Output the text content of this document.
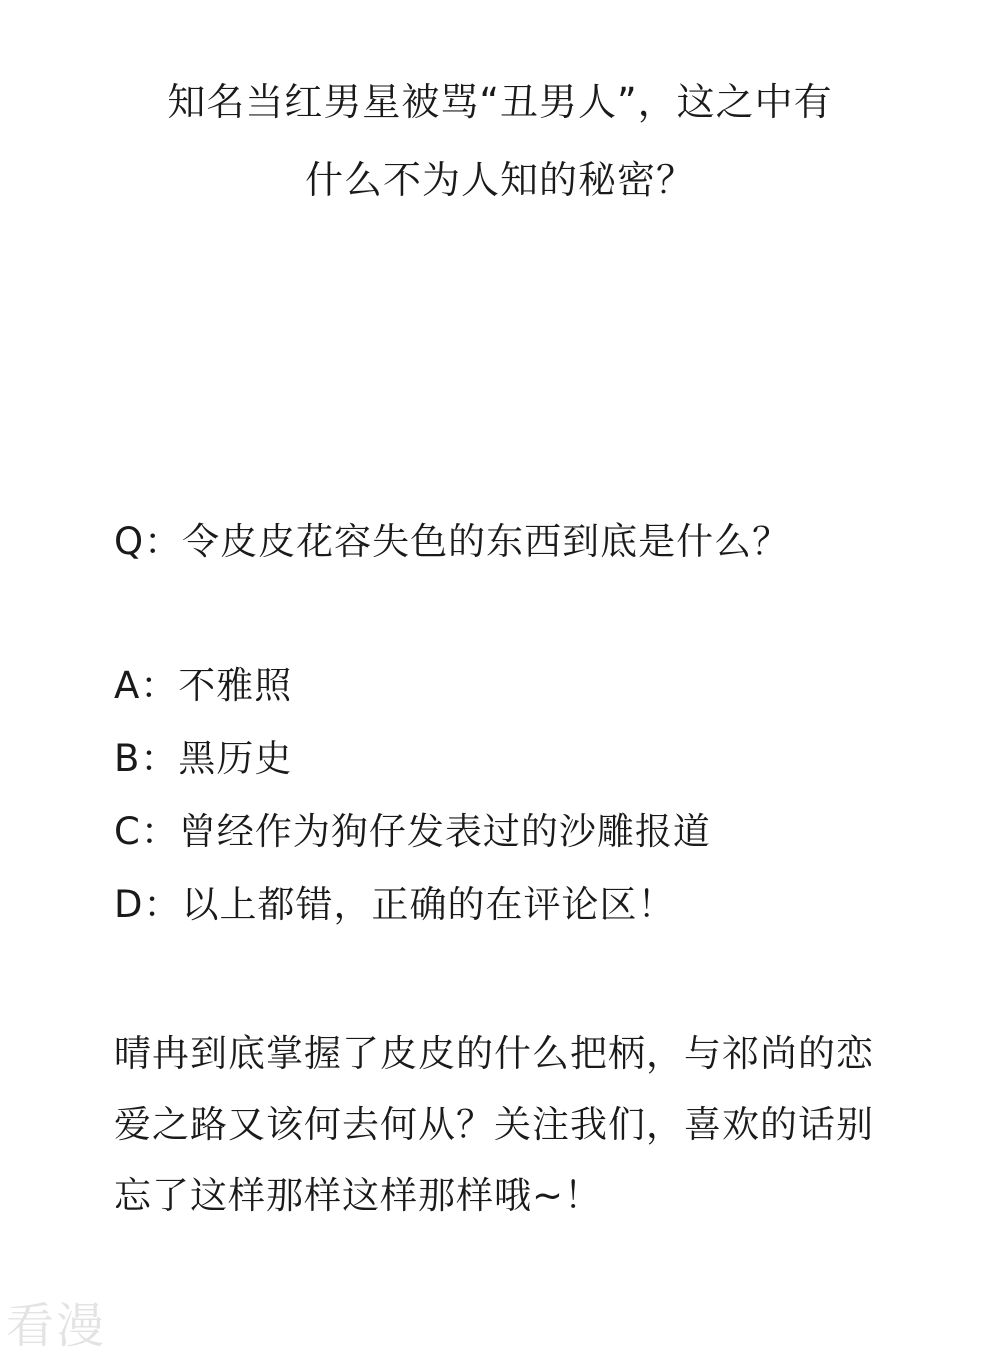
知名当红男星被骂“丑男人”，这之中有
什么不为人知的秘密？
Q：令皮皮花容失色的东西到底是什么？
A：不雅照
B：黑历史
C：曾经作为狗仔发表过的沙雕报道
D：以上都错，正确的在评论区！
晴冉到底掌握了皮皮的什么把柄，与祁尚的恋
爱之路又该何去何从？关注我们，喜欢的话别
忘了这样那样这样那样哦~！
看漫
